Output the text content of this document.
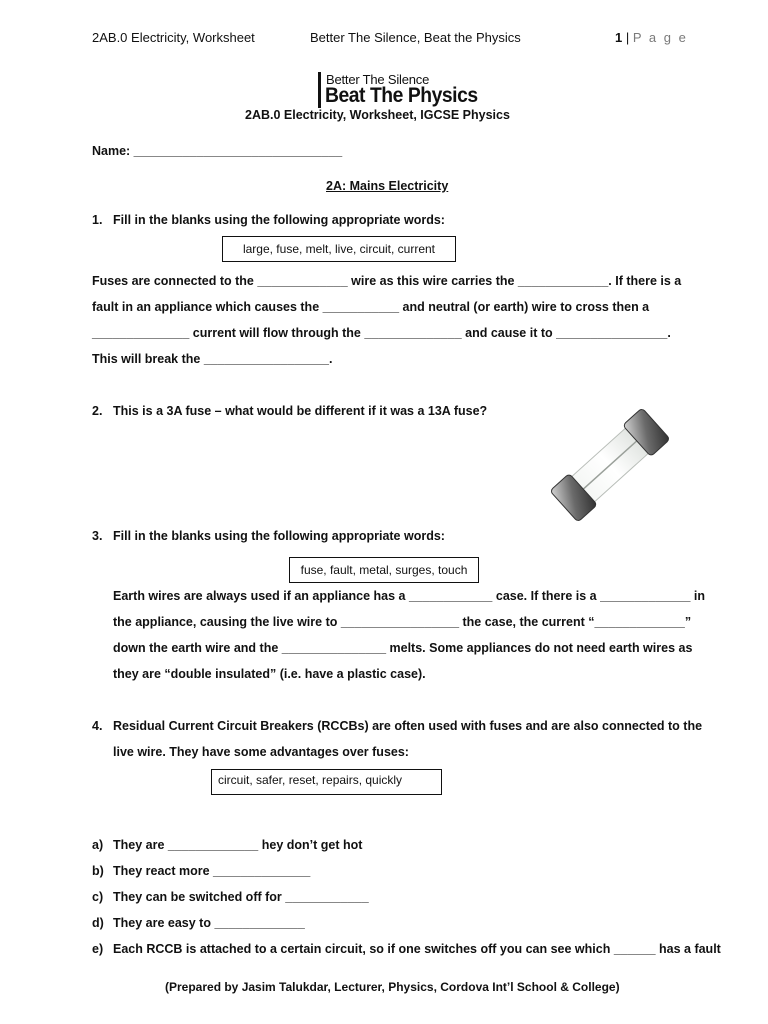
2AB.0 Electricity, Worksheet	Better The Silence, Beat the Physics	1 | P a g e
Better The Silence
Beat The Physics
2AB.0 Electricity, Worksheet, IGCSE Physics
Name: ______________________________
2A: Mains Electricity
1. Fill in the blanks using the following appropriate words:
large, fuse, melt, live, circuit, current
Fuses are connected to the _____________ wire as this wire carries the _____________. If there is a
fault in an appliance which causes the ___________ and neutral (or earth) wire to cross then a
______________ current will flow through the ______________ and cause it to ________________.
This will break the __________________.
2. This is a 3A fuse – what would be different if it was a 13A fuse?
3. Fill in the blanks using the following appropriate words:
fuse, fault, metal, surges, touch
Earth wires are always used if an appliance has a ____________ case. If there is a _____________ in
the appliance, causing the live wire to _________________ the case, the current “_____________”
down the earth wire and the _______________ melts. Some appliances do not need earth wires as
they are “double insulated” (i.e. have a plastic case).
4. Residual Current Circuit Breakers (RCCBs) are often used with fuses and are also connected to the
live wire. They have some advantages over fuses:
circuit, safer, reset, repairs, quickly
a) They are _____________ hey don’t get hot
b) They react more ______________
c) They can be switched off for ____________
d) They are easy to _____________
e) Each RCCB is attached to a certain circuit, so if one switches off you can see which ______ has a fault
(Prepared by Jasim Talukdar, Lecturer, Physics, Cordova Int’l School & College)
